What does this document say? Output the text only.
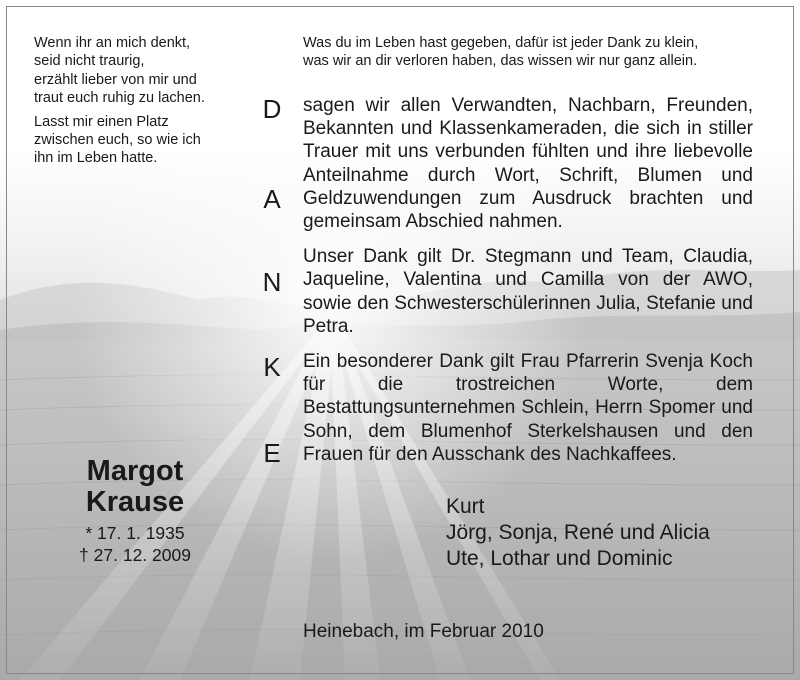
Wenn ihr an mich denkt,
seid nicht traurig,
erzählt lieber von mir und
traut euch ruhig zu lachen.

Lasst mir einen Platz
zwischen euch, so wie ich
ihn im Leben hatte.

Was du im Leben hast gegeben, dafür ist jeder Dank zu klein,
was wir an dir verloren haben, das wissen wir nur ganz allein.
D
A
N
K
E

sagen wir allen Verwandten, Nachbarn, Freunden, Bekannten und Klassenkameraden, die sich in stiller Trauer mit uns verbunden fühlten und ihre liebevolle Anteilnahme durch Wort, Schrift, Blumen und Geldzuwendungen zum Ausdruck brachten und gemeinsam Abschied nahmen.

Unser Dank gilt Dr. Stegmann und Team, Claudia, Jaqueline, Valentina und Camilla von der AWO, sowie den Schwesterschülerinnen Julia, Stefanie und Petra.

Ein besonderer Dank gilt Frau Pfarrerin Svenja Koch für die trostreichen Worte, dem Bestattungsunternehmen Schlein, Herrn Spomer und Sohn, dem Blumenhof Sterkelshausen und den Frauen für den Ausschank des Nachkaffees.

Margot
Krause
* 17. 1. 1935
† 27. 12. 2009
Kurt
Jörg, Sonja, René und Alicia
Ute, Lothar und Dominic
Heinebach, im Februar 2010
